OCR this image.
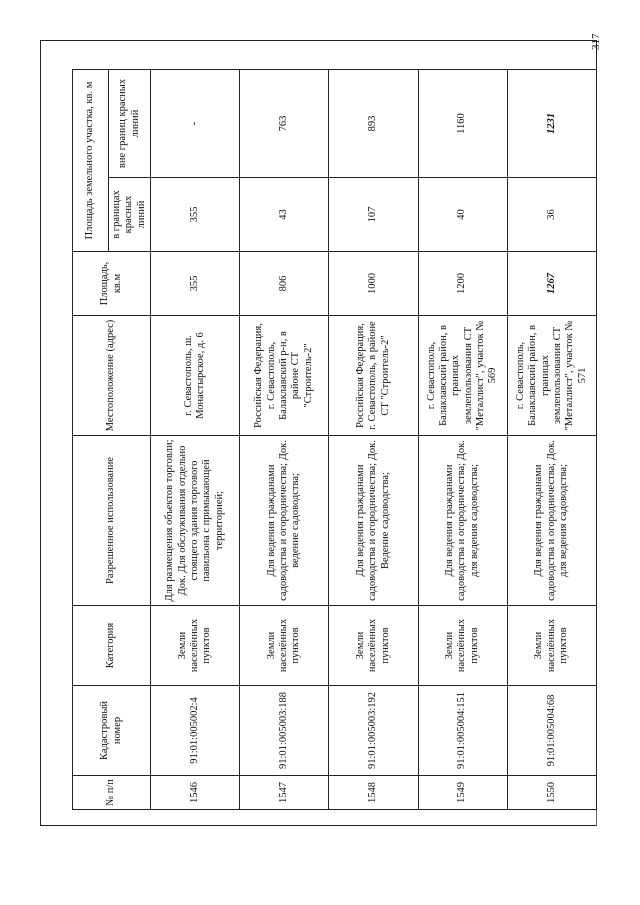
317
№ п/п	Кадастровый номер	Категория	Разрешенное использование	Местоположение (адрес)	Площадь, кв.м	Площадь земельного участка, кв. м	
						в границах красных линий	вне границ красных линий
1546	91:01:005002:4	Земли населённых пунктов	Для размещения объектов торговли; Док. Для обслуживания отдельно стоящего здания торгового павильона с примыкающей территорией;	г. Севастополь, ш. Монастырское, д. 6	355	355	-
1547	91:01:005003:188	Земли населённых пунктов	Для ведения гражданами садоводства и огородничества; Док. ведение садоводства;	Российская Федерация, г. Севастополь, Балаклавский р-н, в районе СТ "Строитель-2"	806	43	763
1548	91:01:005003:192	Земли населённых пунктов	Для ведения гражданами садоводства и огородничества; Док. Ведение садоводства;	Российская Федерация, г. Севастополь, в районе СТ "Строитель-2"	1000	107	893
1549	91:01:005004:151	Земли населённых пунктов	Для ведения гражданами садоводства и огородничества; Док. для ведения садоводства;	г. Севастополь, Балаклавский район, в границах землепользования СТ "Металлист", участок № 569	1200	40	1160
1550	91:01:005004:68	Земли населённых пунктов	Для ведения гражданами садоводства и огородничества; Док. для ведения садоводства;	г. Севастополь, Балаклавский район, в границах землепользования СТ "Металлист", участок № 571	1267	36	1231
